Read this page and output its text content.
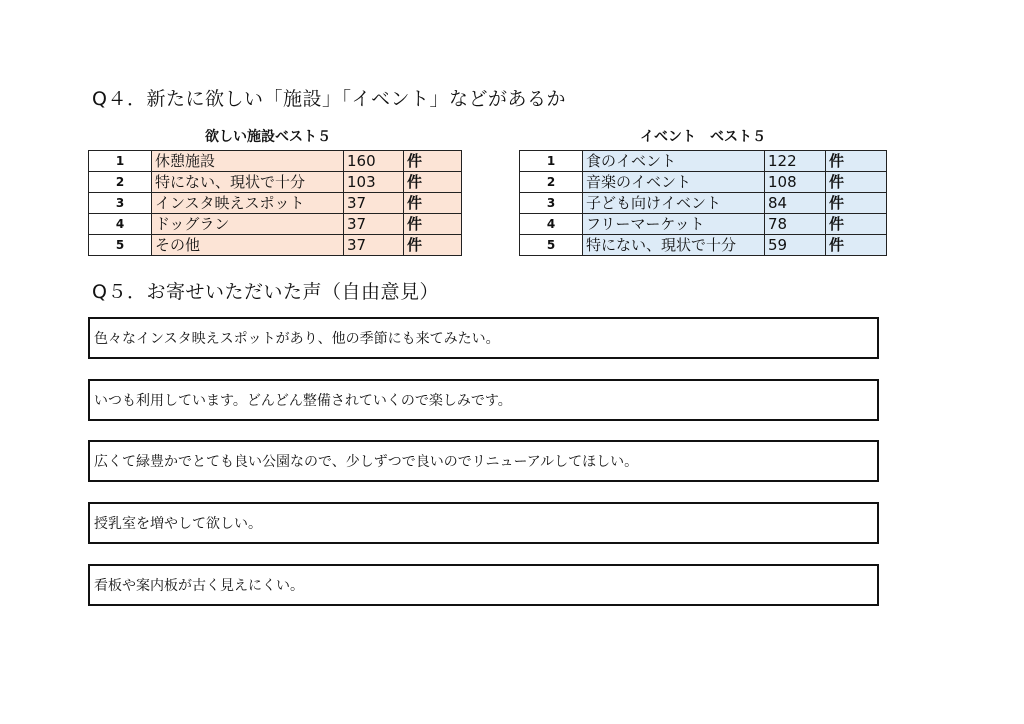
Q４．新たに欲しい「施設」「イベント」などがあるか
欲しい施設ベスト５
1	休憩施設	160	件
2	特にない、現状で十分	103	件
3	インスタ映えスポット	37	件
4	ドッグラン	37	件
5	その他	37	件
イベント　ベスト５
1	食のイベント	122	件
2	音楽のイベント	108	件
3	子ども向けイベント	84	件
4	フリーマーケット	78	件
5	特にない、現状で十分	59	件
Q５．お寄せいただいた声（自由意見）
色々なインスタ映えスポットがあり、他の季節にも来てみたい。
いつも利用しています。どんどん整備されていくので楽しみです。
広くて緑豊かでとても良い公園なので、少しずつで良いのでリニューアルしてほしい。
授乳室を増やして欲しい。
看板や案内板が古く見えにくい。
